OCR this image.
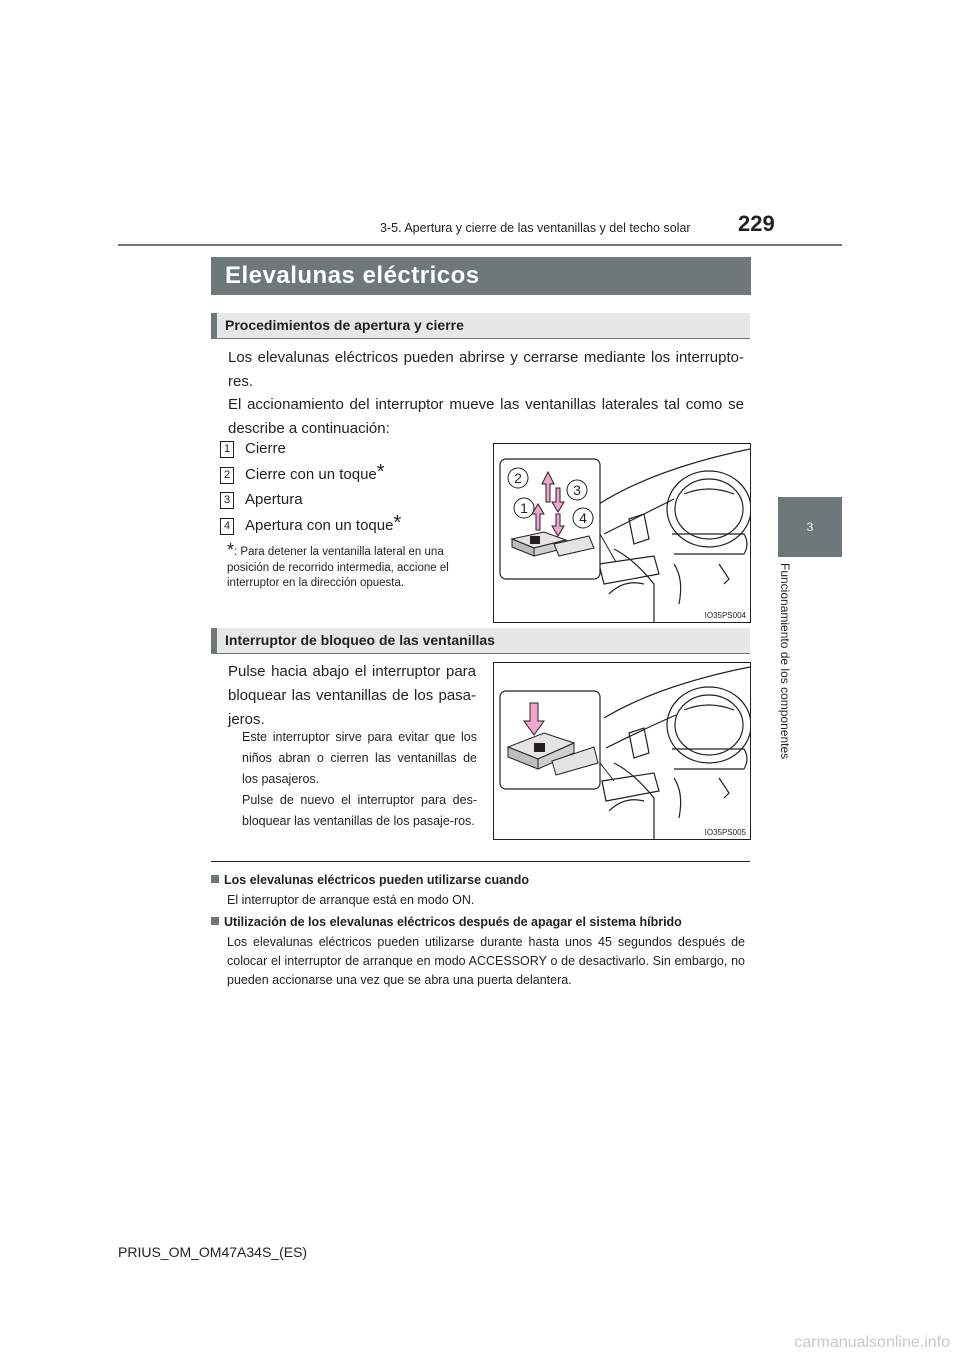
3-5. Apertura y cierre de las ventanillas y del techo solar 229
3
Funcionamiento de los componentes
Elevalunas eléctricos
Procedimientos de apertura y cierre
Los elevalunas eléctricos pueden abrirse y cerrarse mediante los interrupto-res.
El accionamiento del interruptor mueve las ventanillas laterales tal como se describe a continuación:
1 Cierre
2 Cierre con un toque*
3 Apertura
4 Apertura con un toque*
*: Para detener la ventanilla lateral en una posición de recorrido intermedia, accione el interruptor en la dirección opuesta.
2
3
1
4
IO35PS004
Interruptor de bloqueo de las ventanillas
Pulse hacia abajo el interruptor para bloquear las ventanillas de los pasa-jeros.
Este interruptor sirve para evitar que los niños abran o cierren las ventanillas de los pasajeros.
Pulse de nuevo el interruptor para des-bloquear las ventanillas de los pasaje-ros.
IO35PS005
Los elevalunas eléctricos pueden utilizarse cuando
El interruptor de arranque está en modo ON.
Utilización de los elevalunas eléctricos después de apagar el sistema híbrido
Los elevalunas eléctricos pueden utilizarse durante hasta unos 45 segundos después de colocar el interruptor de arranque en modo ACCESSORY o de desactivarlo. Sin embargo, no pueden accionarse una vez que se abra una puerta delantera.
PRIUS_OM_OM47A34S_(ES)
carmanualsonline.info
